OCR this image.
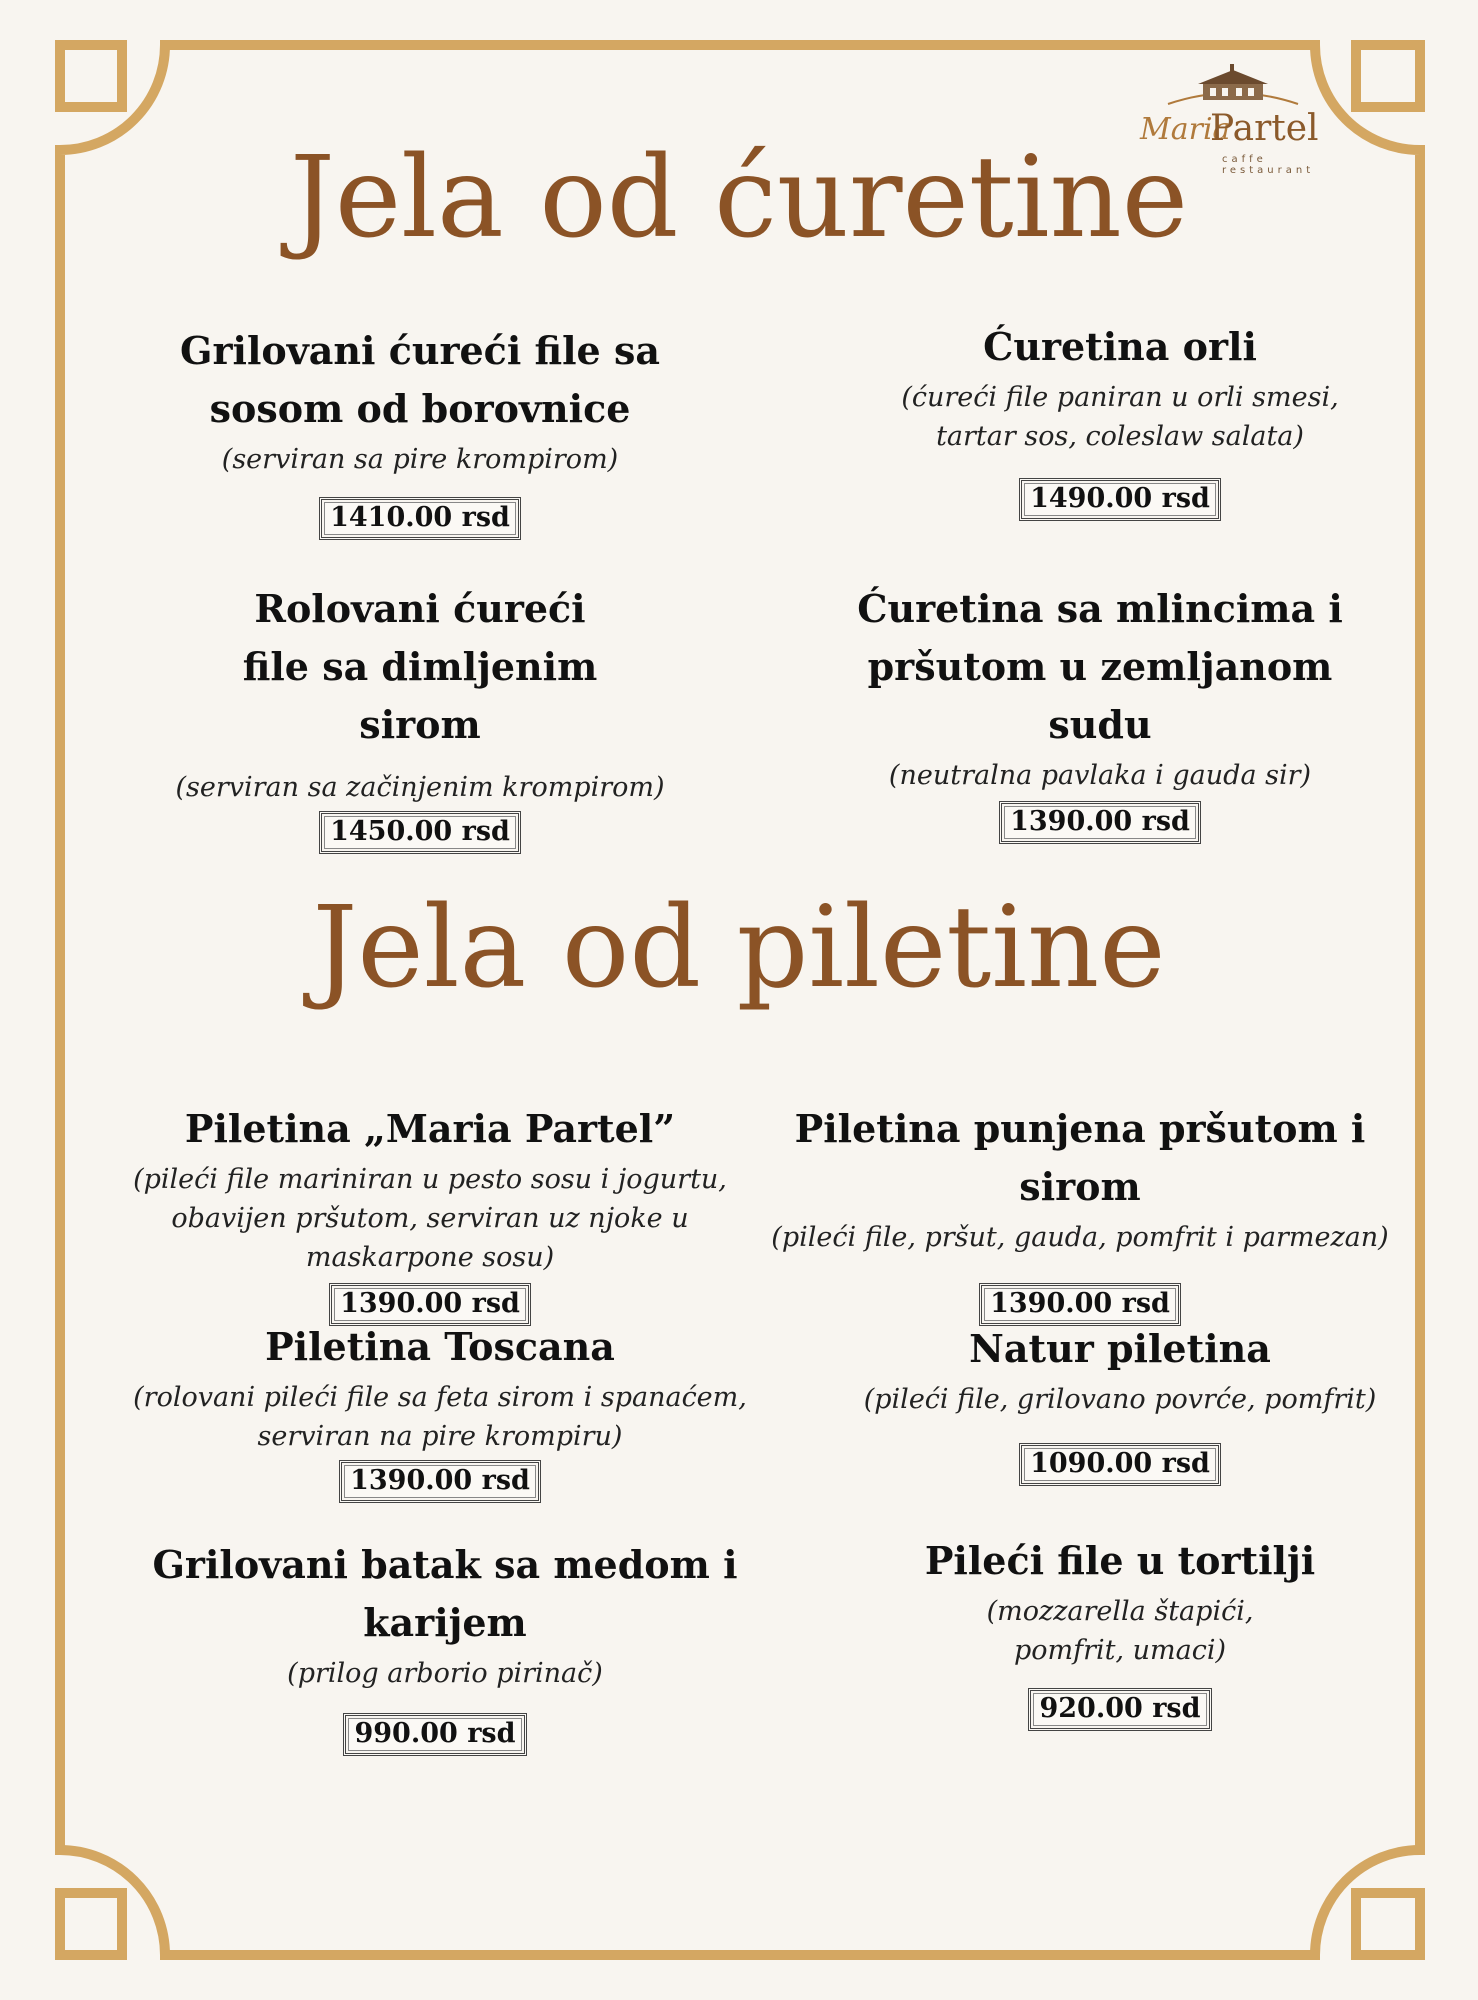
Maria
Partel
caffe restaurant
Jela od ćuretine
Grilovani ćureći file sa sosom od borovnice
(serviran sa pire krompirom)
1410.00 rsd
Ćuretina orli
(ćureći file paniran u orli smesi, tartar sos, coleslaw salata)
1490.00 rsd
Rolovani ćureći file sa dimljenim sirom
(serviran sa začinjenim krompirom)
1450.00 rsd
Ćuretina sa mlincima i pršutom u zemljanom sudu
(neutralna pavlaka i gauda sir)
1390.00 rsd
Jela od piletine
Piletina „Maria Partel”
(pileći file mariniran u pesto sosu i jogurtu, obavijen pršutom, serviran uz njoke u maskarpone sosu)
1390.00 rsd
Piletina punjena pršutom i sirom
(pileći file, pršut, gauda, pomfrit i parmezan)
1390.00 rsd
Piletina Toscana
(rolovani pileći file sa feta sirom i spanaćem, serviran na pire krompiru)
1390.00 rsd
Natur piletina
(pileći file, grilovano povrće, pomfrit)
1090.00 rsd
Grilovani batak sa medom i karijem
(prilog arborio pirinač)
990.00 rsd
Pileći file u tortilji
(mozzarella štapići, pomfrit, umaci)
920.00 rsd
